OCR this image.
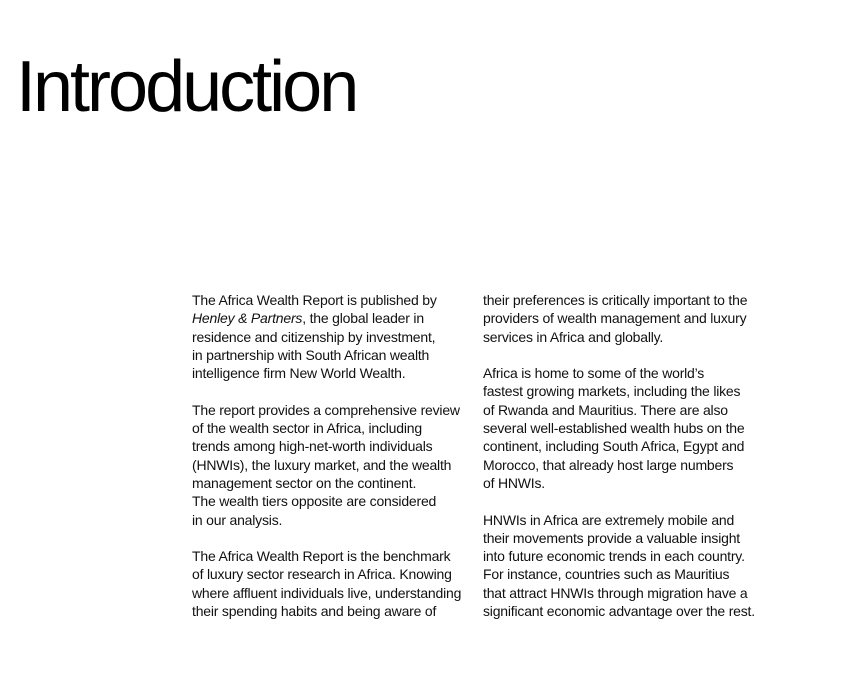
Introduction

The Africa Wealth Report is published by
Henley & Partners, the global leader in
residence and citizenship by investment,
in partnership with South African wealth
intelligence firm New World Wealth.

The report provides a comprehensive review
of the wealth sector in Africa, including
trends among high-net-worth individuals
(HNWIs), the luxury market, and the wealth
management sector on the continent.
The wealth tiers opposite are considered
in our analysis.

The Africa Wealth Report is the benchmark
of luxury sector research in Africa. Knowing
where affluent individuals live, understanding
their spending habits and being aware of

their preferences is critically important to the
providers of wealth management and luxury
services in Africa and globally.

Africa is home to some of the world’s
fastest growing markets, including the likes
of Rwanda and Mauritius. There are also
several well-established wealth hubs on the
continent, including South Africa, Egypt and
Morocco, that already host large numbers
of HNWIs.

HNWIs in Africa are extremely mobile and
their movements provide a valuable insight
into future economic trends in each country.
For instance, countries such as Mauritius
that attract HNWIs through migration have a
significant economic advantage over the rest.
